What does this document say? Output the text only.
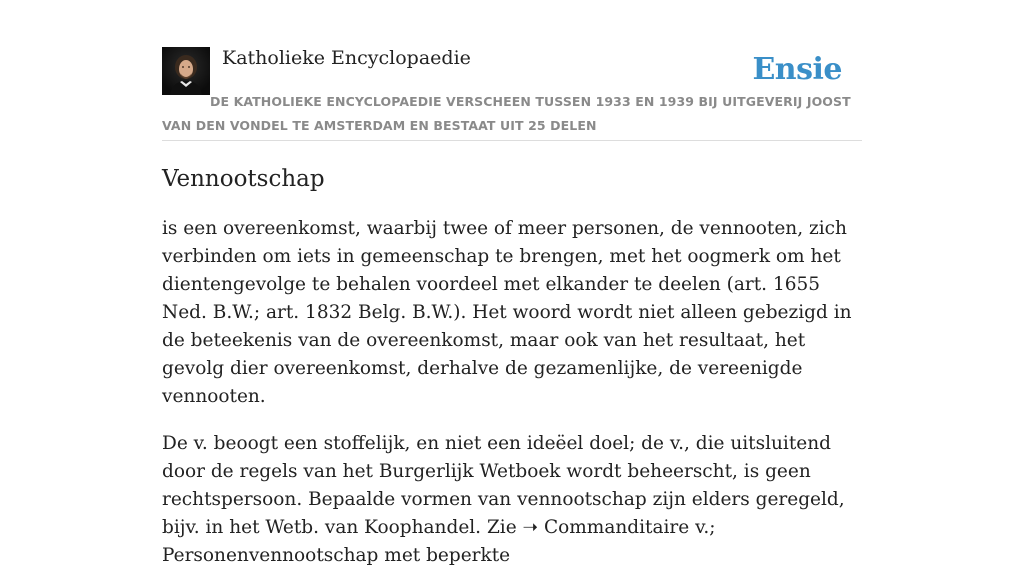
Katholieke Encyclopaedie	Ensie
DE KATHOLIEKE ENCYCLOPAEDIE VERSCHEEN TUSSEN 1933 EN 1939 BIJ UITGEVERIJ JOOST VAN DEN VONDEL TE AMSTERDAM EN BESTAAT UIT 25 DELEN
Vennootschap

is een overeenkomst, waarbij twee of meer personen, de vennooten, zich verbinden om iets in gemeenschap te brengen, met het oogmerk om het dientengevolge te behalen voordeel met elkander te deelen (art. 1655 Ned. B.W.; art. 1832 Belg. B.W.). Het woord wordt niet alleen gebezigd in de beteekenis van de overeenkomst, maar ook van het resultaat, het gevolg dier overeenkomst, derhalve de gezamenlijke, de vereenigde vennooten.

De v. beoogt een stoffelijk, en niet een ideëel doel; de v., die uitsluitend door de regels van het Burgerlijk Wetboek wordt beheerscht, is geen rechtspersoon. Bepaalde vormen van vennootschap zijn elders geregeld, bijv. in het Wetb. van Koophandel. Zie ➝ Commanditaire v.; Personenvennootschap met beperkte
